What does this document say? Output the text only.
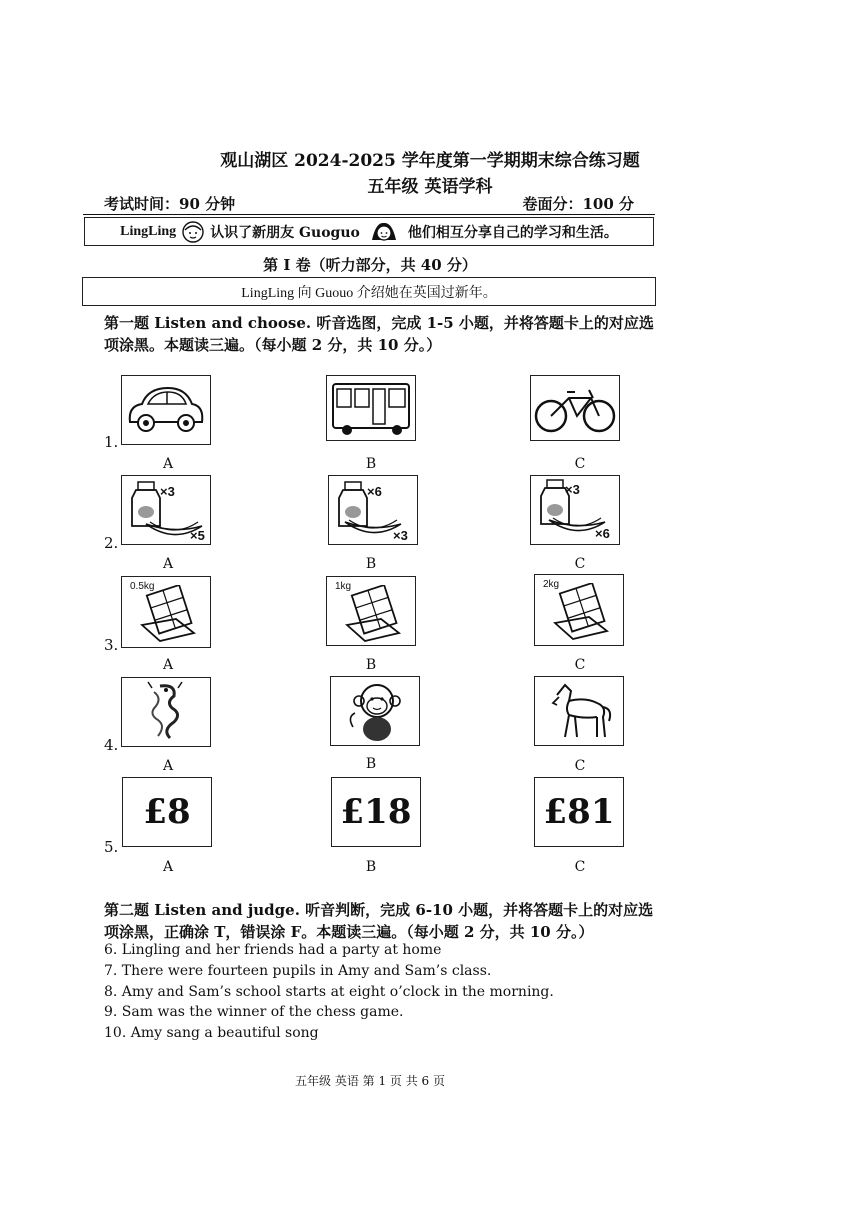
观山湖区 2024-2025 学年度第一学期期末综合练习题
五年级 英语学科
考试时间：90 分钟	卷面分：100 分
LingLing 认识了新朋友 Guoguo	他们相互分享自己的学习和生活。
第 I 卷（听力部分，共 40 分）
LingLing 向 Guouo 介绍她在英国过新年。
第一题 Listen and choose. 听音选图，完成 1-5 小题，并将答题卡上的对应选项涂黑。本题读三遍。（每小题 2 分，共 10 分。）
1.
A	B	C
2.
×3
×5
×6
×3
×3
×6
A	B	C
3.
0.5kg	1kg	2kg
A	B	C
4.
A	B	C
5.
£8	£18	£81
A	B	C
第二题 Listen and judge. 听音判断，完成 6-10 小题，并将答题卡上的对应选项涂黑，正确涂 T，错误涂 F。本题读三遍。（每小题 2 分，共 10 分。）
6. Lingling and her friends had a party at home
7. There were fourteen pupils in Amy and Sam’s class.
8. Amy and Sam’s school starts at eight o’clock in the morning.
9. Sam was the winner of the chess game.
10. Amy sang a beautiful song
五年级 英语 第 1 页 共 6 页
